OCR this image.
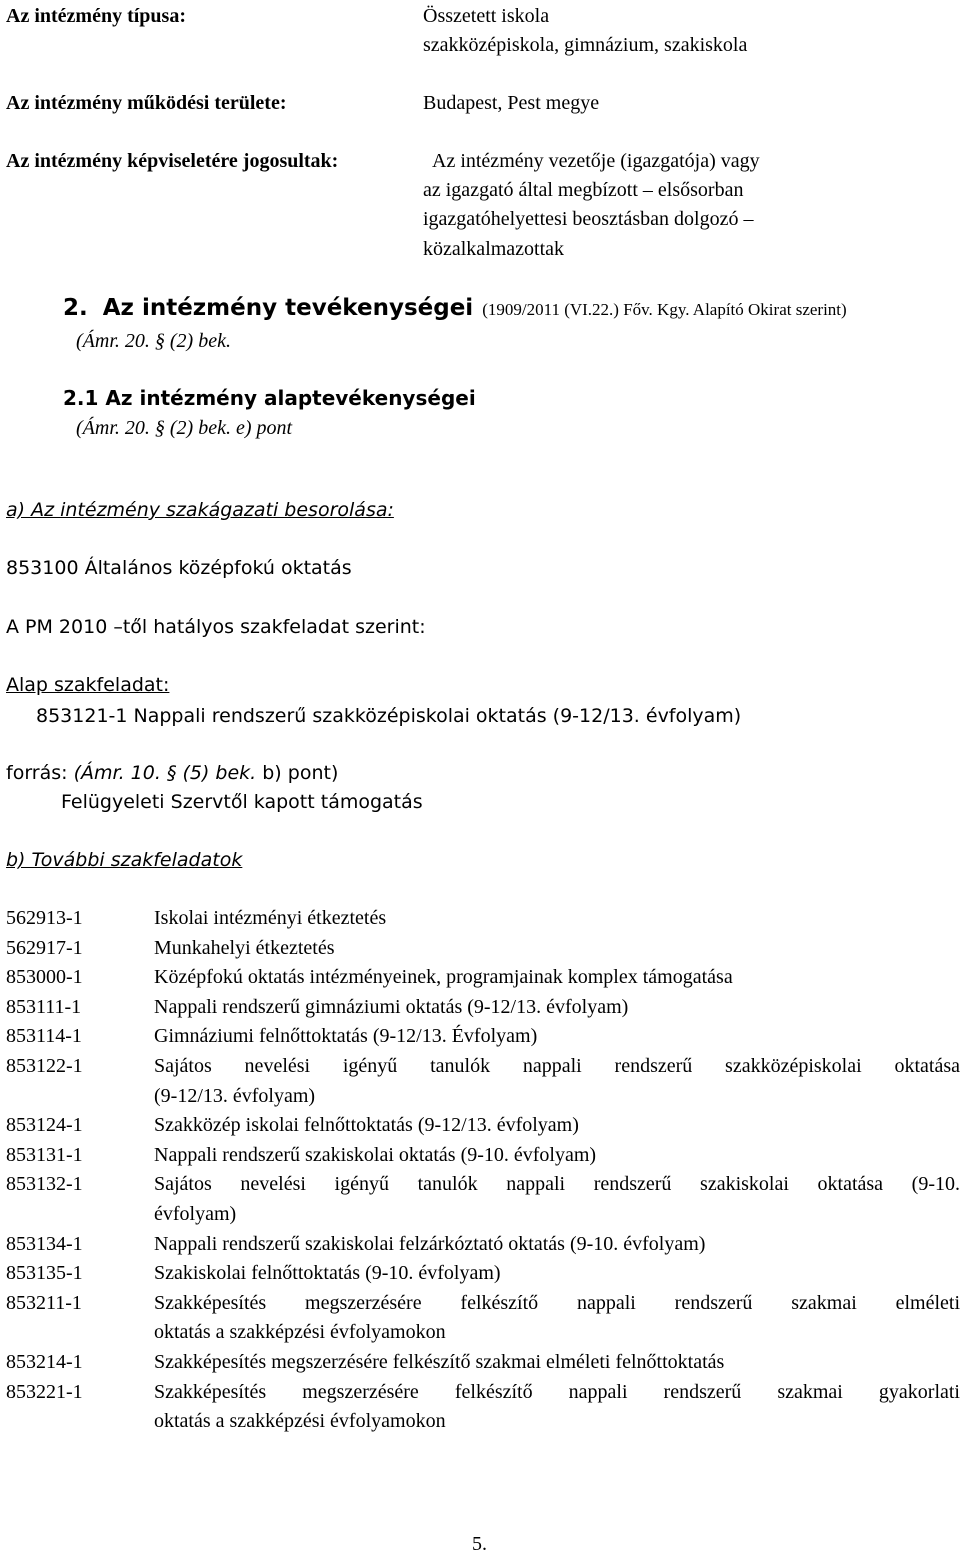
Az intézmény típusa:	Összetett iskola
szakközépiskola, gimnázium, szakiskola
Az intézmény működési területe:	Budapest, Pest megye
Az intézmény képviseletére jogosultak:	Az intézmény vezetője (igazgatója) vagy
az igazgató által megbízott – elsősorban
igazgatóhelyettesi beosztásban dolgozó –
közalkalmazottak
2. Az intézmény tevékenységei (1909/2011 (VI.22.) Főv. Kgy. Alapító Okirat szerint)
(Ámr. 20. § (2) bek.
2.1 Az intézmény alaptevékenységei
(Ámr. 20. § (2) bek. e) pont
a) Az intézmény szakágazati besorolása:
853100 Általános középfokú oktatás
A PM 2010 –től hatályos szakfeladat szerint:
Alap szakfeladat:
853121-1 Nappali rendszerű szakközépiskolai oktatás (9-12/13. évfolyam)
forrás: (Ámr. 10. § (5) bek. b) pont)
Felügyeleti Szervtől kapott támogatás
b) További szakfeladatok
562913-1	Iskolai intézményi étkeztetés
562917-1	Munkahelyi étkeztetés
853000-1	Középfokú oktatás intézményeinek, programjainak komplex támogatása
853111-1	Nappali rendszerű gimnáziumi oktatás (9-12/13. évfolyam)
853114-1	Gimnáziumi felnőttoktatás (9-12/13. Évfolyam)
853122-1	Sajátos nevelési igényű tanulók nappali rendszerű szakközépiskolai oktatása
(9-12/13. évfolyam)
853124-1	Szakközép iskolai felnőttoktatás (9-12/13. évfolyam)
853131-1	Nappali rendszerű szakiskolai oktatás (9-10. évfolyam)
853132-1	Sajátos nevelési igényű tanulók nappali rendszerű szakiskolai oktatása (9-10.
évfolyam)
853134-1	Nappali rendszerű szakiskolai felzárkóztató oktatás (9-10. évfolyam)
853135-1	Szakiskolai felnőttoktatás (9-10. évfolyam)
853211-1	Szakképesítés megszerzésére felkészítő nappali rendszerű szakmai elméleti
oktatás a szakképzési évfolyamokon
853214-1	Szakképesítés megszerzésére felkészítő szakmai elméleti felnőttoktatás
853221-1	Szakképesítés megszerzésére felkészítő nappali rendszerű szakmai gyakorlati
oktatás a szakképzési évfolyamokon
5.
